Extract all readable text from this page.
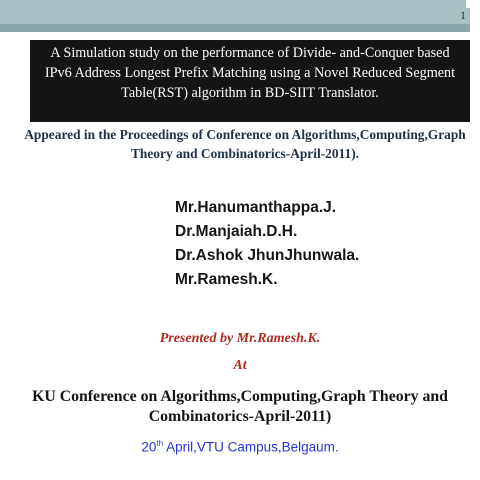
1
A Simulation study on the performance of Divide- and-Conquer based IPv6 Address Longest Prefix Matching using a Novel Reduced Segment Table(RST) algorithm in BD-SIIT Translator.
Appeared in the Proceedings of Conference on Algorithms,Computing,Graph Theory and Combinatorics-April-2011).
Mr.Hanumanthappa.J.
Dr.Manjaiah.D.H.
Dr.Ashok JhunJhunwala.
Mr.Ramesh.K.
Presented by Mr.Ramesh.K.
At
KU Conference on Algorithms,Computing,Graph Theory and Combinatorics-April-2011)
20th April,VTU Campus,Belgaum.
